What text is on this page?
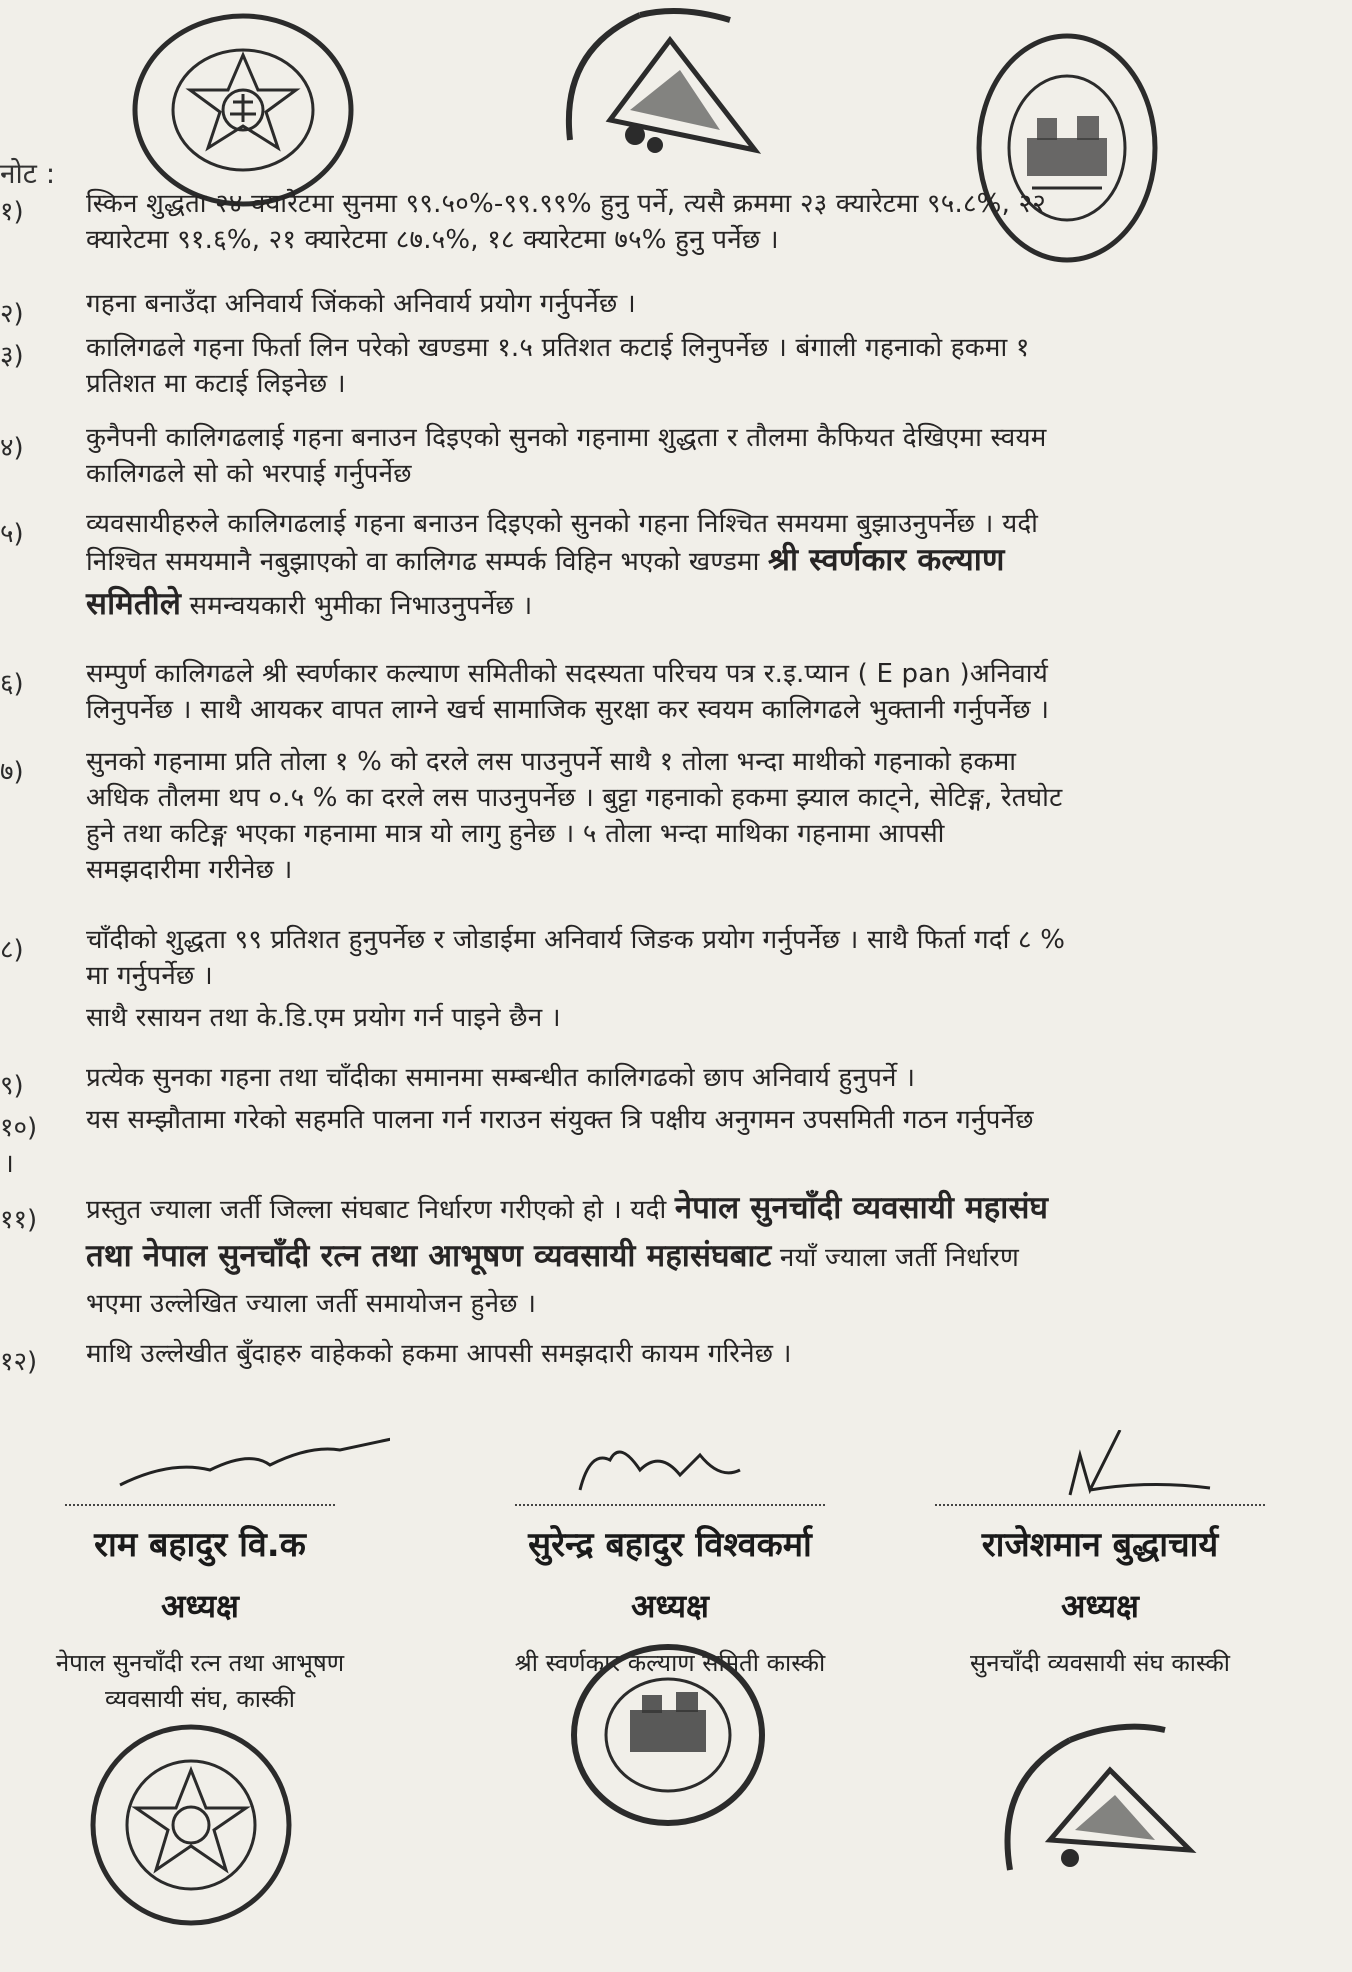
नोट :
१) स्किन शुद्धता २४ क्यारेटमा सुनमा ९९.५०%-९९.९९% हुनु पर्ने, त्यसै क्रममा २३ क्यारेटमा ९५.८%, २२
क्यारेटमा ९१.६%, २१ क्यारेटमा ८७.५%, १८ क्यारेटमा ७५% हुनु पर्नेछ ।
२) गहना बनाउँदा अनिवार्य जिंकको अनिवार्य प्रयोग गर्नुपर्नेछ ।
३) कालिगढले गहना फिर्ता लिन परेको खण्डमा १.५ प्रतिशत कटाई लिनुपर्नेछ । बंगाली गहनाको हकमा १
प्रतिशत मा कटाई लिइनेछ ।
४) कुनैपनी कालिगढलाई गहना बनाउन दिइएको सुनको गहनामा शुद्धता र तौलमा कैफियत देखिएमा स्वयम
कालिगढले सो को भरपाई गर्नुपर्नेछ
५) व्यवसायीहरुले कालिगढलाई गहना बनाउन दिइएको सुनको गहना निश्चित समयमा बुझाउनुपर्नेछ । यदी
निश्चित समयमानै नबुझाएको वा कालिगढ सम्पर्क विहिन भएको खण्डमा श्री स्वर्णकार कल्याण
समितीले समन्वयकारी भुमीका निभाउनुपर्नेछ ।
६) सम्पुर्ण कालिगढले श्री स्वर्णकार कल्याण समितीको सदस्यता परिचय पत्र र.इ.प्यान ( E pan )अनिवार्य
लिनुपर्नेछ । साथै आयकर वापत लाग्ने खर्च सामाजिक सुरक्षा कर स्वयम कालिगढले भुक्तानी गर्नुपर्नेछ ।
७) सुनको गहनामा प्रति तोला १ % को दरले लस पाउनुपर्ने साथै १ तोला भन्दा माथीको गहनाको हकमा
अधिक तौलमा थप ०.५ % का दरले लस पाउनुपर्नेछ । बुट्टा गहनाको हकमा झ्याल काट्ने, सेटिङ्ग, रेतघोट
हुने तथा कटिङ्ग भएका गहनामा मात्र यो लागु हुनेछ । ५ तोला भन्दा माथिका गहनामा आपसी
समझदारीमा गरीनेछ ।
८) चाँदीको शुद्धता ९९ प्रतिशत हुनुपर्नेछ र जोडाईमा अनिवार्य जिङक प्रयोग गर्नुपर्नेछ । साथै फिर्ता गर्दा ८ %
मा गर्नुपर्नेछ ।
साथै रसायन तथा के.डि.एम प्रयोग गर्न पाइने छैन ।
९) प्रत्येक सुनका गहना तथा चाँदीका समानमा सम्बन्धीत कालिगढको छाप अनिवार्य हुनुपर्ने ।
१०) यस सम्झौतामा गरेको सहमति पालना गर्न गराउन संयुक्त त्रि पक्षीय अनुगमन उपसमिती गठन गर्नुपर्नेछ
।
११) प्रस्तुत ज्याला जर्ती जिल्ला संघबाट निर्धारण गरीएको हो । यदी नेपाल सुनचाँदी व्यवसायी महासंघ
तथा नेपाल सुनचाँदी रत्न तथा आभूषण व्यवसायी महासंघबाट नयाँ ज्याला जर्ती निर्धारण
भएमा उल्लेखित ज्याला जर्ती समायोजन हुनेछ ।
१२) माथि उल्लेखीत बुँदाहरु वाहेकको हकमा आपसी समझदारी कायम गरिनेछ ।
राम बहादुर वि.क
अध्यक्ष
नेपाल सुनचाँदी रत्न तथा आभूषण
व्यवसायी संघ, कास्की
सुरेन्द्र बहादुर विश्वकर्मा
अध्यक्ष
श्री स्वर्णकार कल्याण समिती कास्की
राजेशमान बुद्धाचार्य
अध्यक्ष
सुनचाँदी व्यवसायी संघ कास्की
